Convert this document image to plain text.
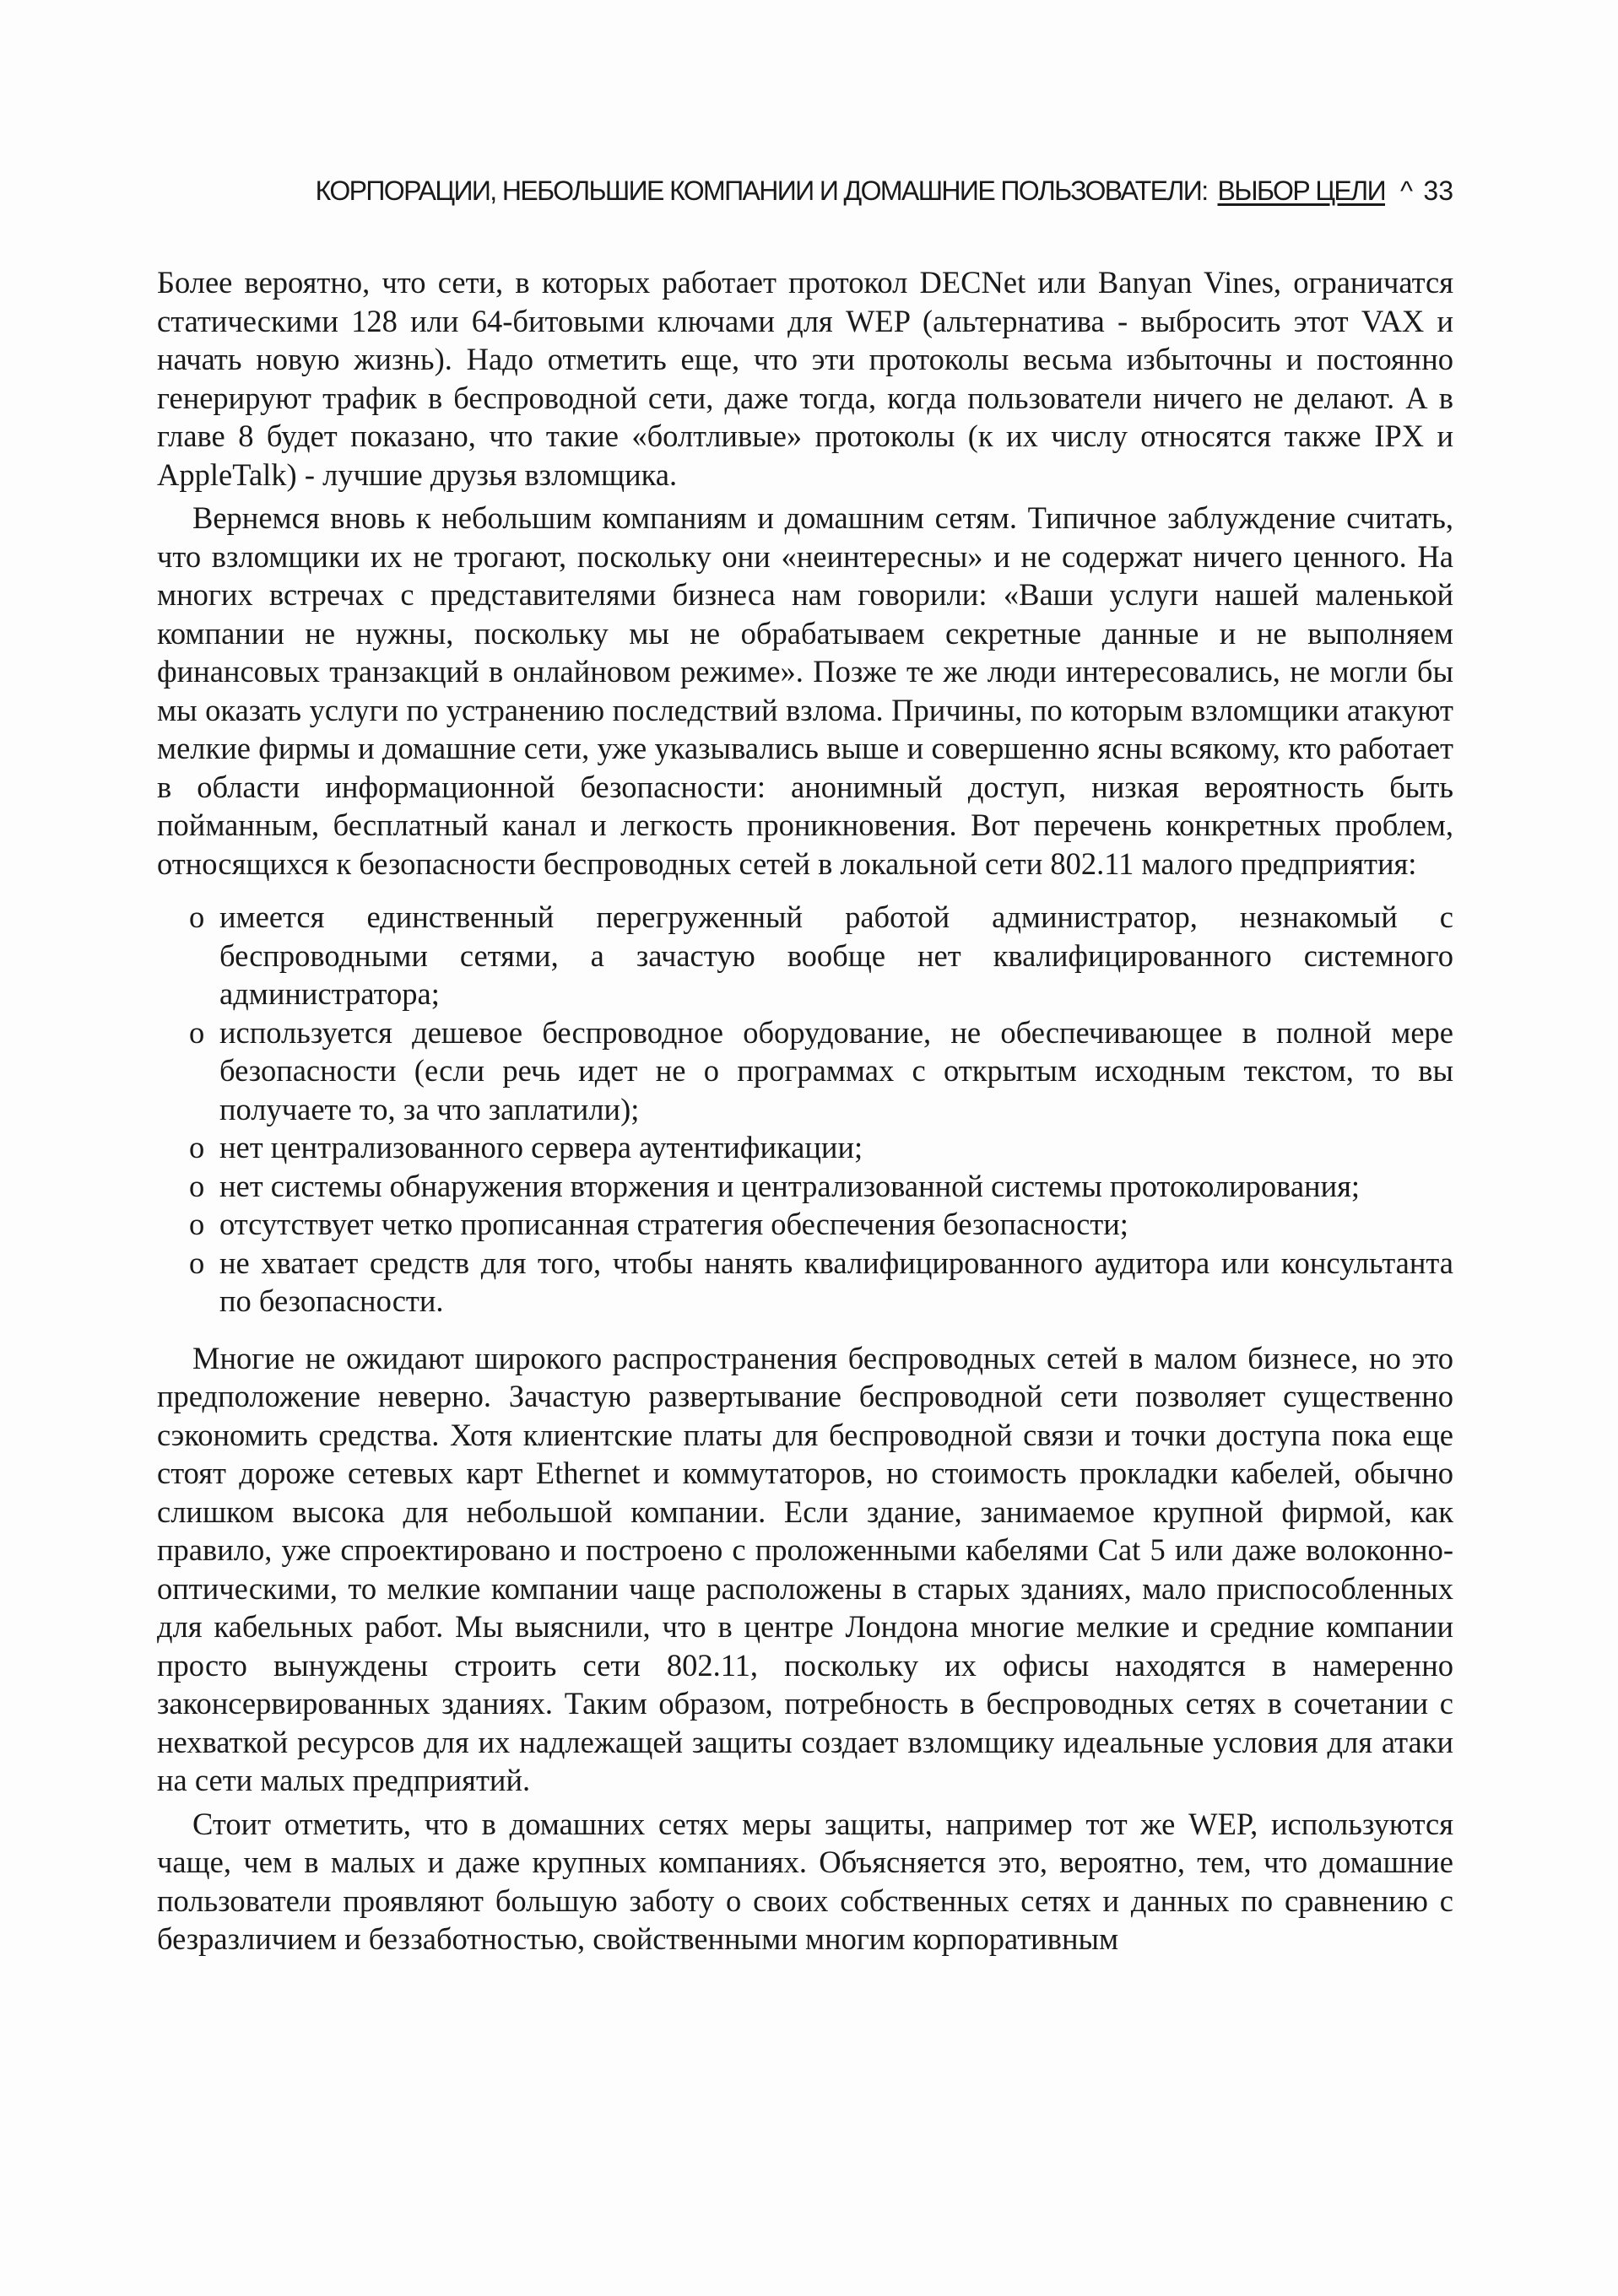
КОРПОРАЦИИ, НЕБОЛЬШИЕ КОМПАНИИ И ДОМАШНИЕ ПОЛЬЗОВАТЕЛИ: ВЫБОР ЦЕЛИ ^ 33

Более вероятно, что сети, в которых работает протокол DECNet или Banyan Vines, ограничатся статическими 128 или 64-битовыми ключами для WEP (альтернатива - выбросить этот VAX и начать новую жизнь). Надо отметить еще, что эти протоколы весьма избыточны и постоянно генерируют трафик в беспроводной сети, даже тогда, когда пользователи ничего не делают. А в главе 8 будет показано, что такие «болтливые» протоколы (к их числу относятся также IPX и AppleTalk) - лучшие друзья взломщика.

Вернемся вновь к небольшим компаниям и домашним сетям. Типичное заблуждение считать, что взломщики их не трогают, поскольку они «неинтересны» и не содержат ничего ценного. На многих встречах с представителями бизнеса нам говорили: «Ваши услуги нашей маленькой компании не нужны, поскольку мы не обрабатываем секретные данные и не выполняем финансовых транзакций в онлайновом режиме». Позже те же люди интересовались, не могли бы мы оказать услуги по устранению последствий взлома. Причины, по которым взломщики атакуют мелкие фирмы и домашние сети, уже указывались выше и совершенно ясны всякому, кто работает в области информационной безопасности: анонимный доступ, низкая вероятность быть пойманным, бесплатный канал и легкость проникновения. Вот перечень конкретных проблем, относящихся к безопасности беспроводных сетей в локальной сети 802.11 малого предприятия:

о имеется единственный перегруженный работой администратор, незнакомый с беспроводными сетями, а зачастую вообще нет квалифицированного системного администратора;
о используется дешевое беспроводное оборудование, не обеспечивающее в полной мере безопасности (если речь идет не о программах с открытым исходным текстом, то вы получаете то, за что заплатили);
о нет централизованного сервера аутентификации;
о нет системы обнаружения вторжения и централизованной системы протоколирования;
о отсутствует четко прописанная стратегия обеспечения безопасности;
о не хватает средств для того, чтобы нанять квалифицированного аудитора или консультанта по безопасности.

Многие не ожидают широкого распространения беспроводных сетей в малом бизнесе, но это предположение неверно. Зачастую развертывание беспроводной сети позволяет существенно сэкономить средства. Хотя клиентские платы для беспроводной связи и точки доступа пока еще стоят дороже сетевых карт Ethernet и коммутаторов, но стоимость прокладки кабелей, обычно слишком высока для небольшой компании. Если здание, занимаемое крупной фирмой, как правило, уже спроектировано и построено с проложенными кабелями Cat 5 или даже волоконно-оптическими, то мелкие компании чаще расположены в старых зданиях, мало приспособленных для кабельных работ. Мы выяснили, что в центре Лондона многие мелкие и средние компании просто вынуждены строить сети 802.11, поскольку их офисы находятся в намеренно законсервированных зданиях. Таким образом, потребность в беспроводных сетях в сочетании с нехваткой ресурсов для их надлежащей защиты создает взломщику идеальные условия для атаки на сети малых предприятий.

Стоит отметить, что в домашних сетях меры защиты, например тот же WEP, используются чаще, чем в малых и даже крупных компаниях. Объясняется это, вероятно, тем, что домашние пользователи проявляют большую заботу о своих собственных сетях и данных по сравнению с безразличием и беззаботностью, свойственными многим корпоративным
